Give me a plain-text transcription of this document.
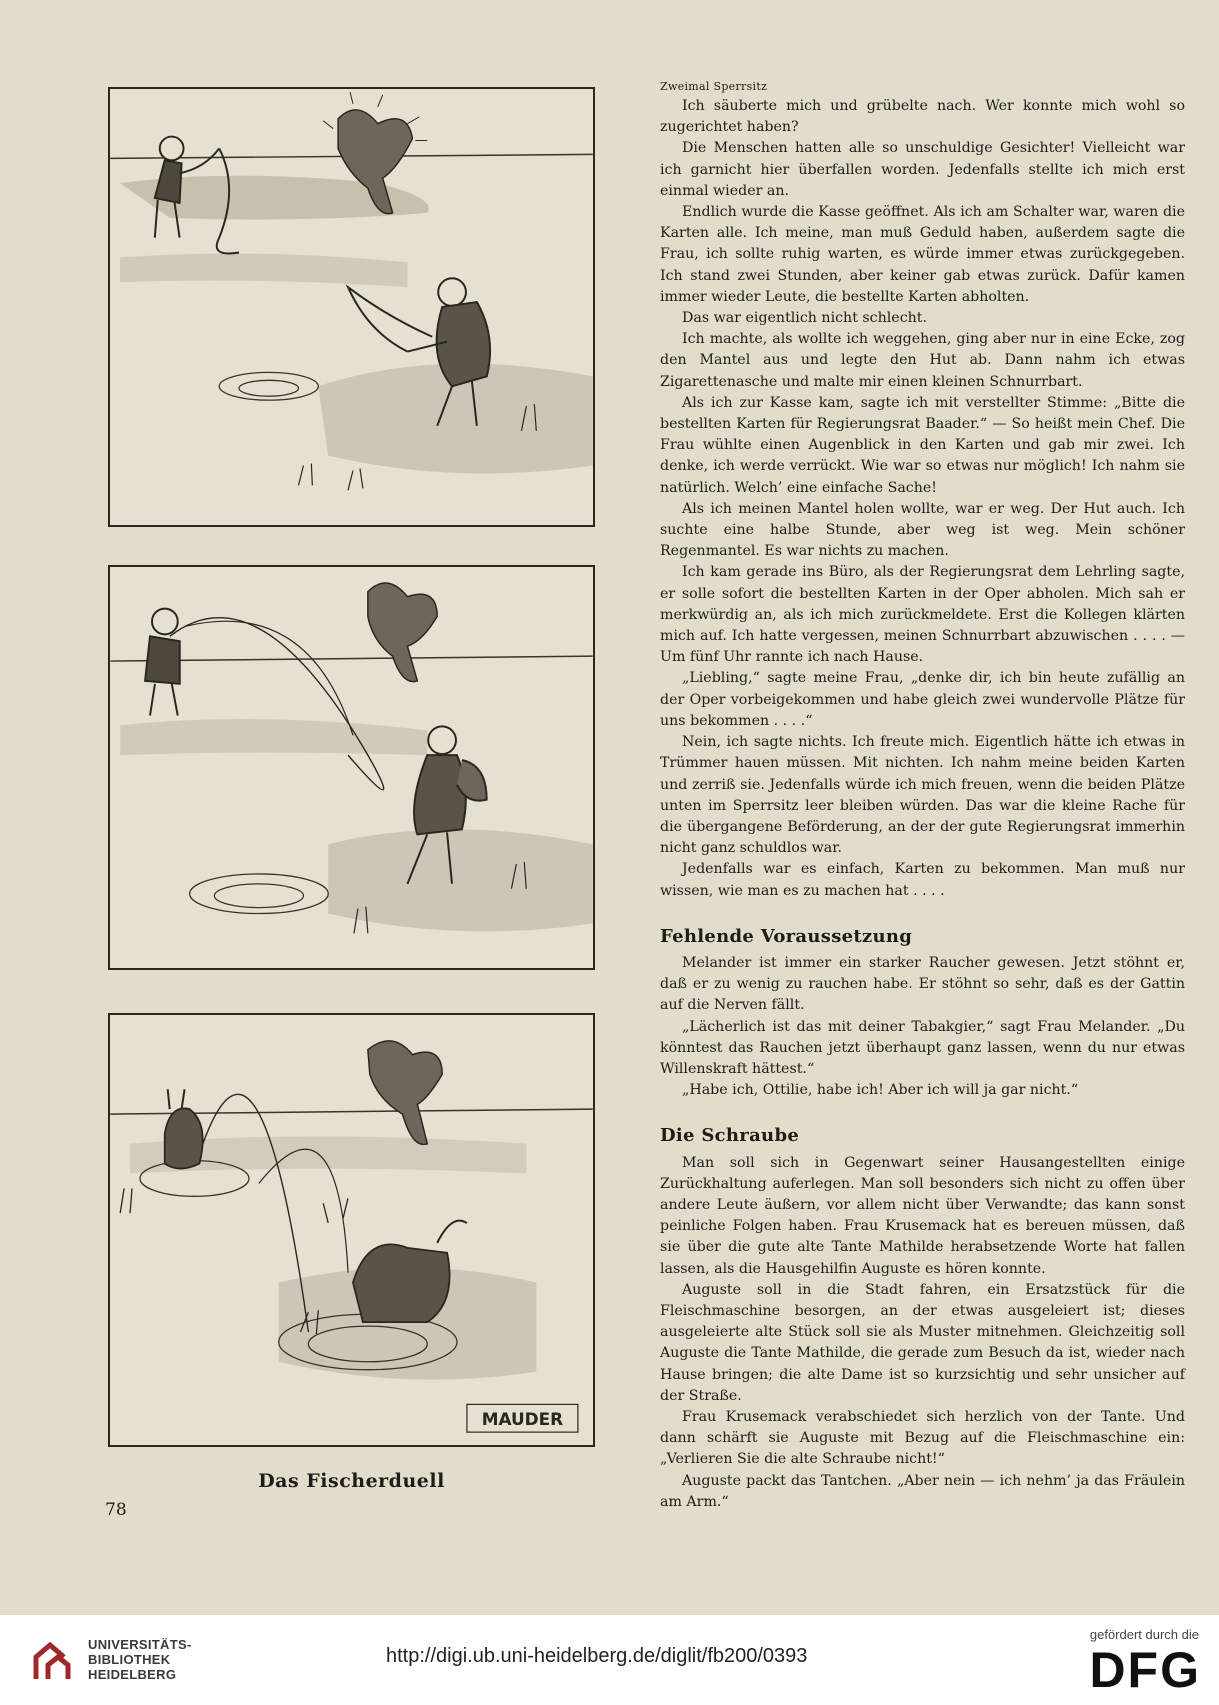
MAUDER
Das Fischerduell
78

Zweimal Sperrsitz

Ich säuberte mich und grübelte nach. Wer konnte mich wohl so zugerichtet haben?

Die Menschen hatten alle so unschuldige Gesichter! Vielleicht war ich garnicht hier überfallen worden. Jedenfalls stellte ich mich erst einmal wieder an.

Endlich wurde die Kasse geöffnet. Als ich am Schalter war, waren die Karten alle. Ich meine, man muß Geduld haben, außerdem sagte die Frau, ich sollte ruhig warten, es würde immer etwas zurückgegeben. Ich stand zwei Stunden, aber keiner gab etwas zurück. Dafür kamen immer wieder Leute, die bestellte Karten abholten.

Das war eigentlich nicht schlecht.

Ich machte, als wollte ich weggehen, ging aber nur in eine Ecke, zog den Mantel aus und legte den Hut ab. Dann nahm ich etwas Zigarettenasche und malte mir einen kleinen Schnurrbart.

Als ich zur Kasse kam, sagte ich mit verstellter Stimme: „Bitte die bestellten Karten für Regierungsrat Baader.“ — So heißt mein Chef. Die Frau wühlte einen Augenblick in den Karten und gab mir zwei. Ich denke, ich werde verrückt. Wie war so etwas nur möglich! Ich nahm sie natürlich. Welch’ eine einfache Sache!

Als ich meinen Mantel holen wollte, war er weg. Der Hut auch. Ich suchte eine halbe Stunde, aber weg ist weg. Mein schöner Regenmantel. Es war nichts zu machen.

Ich kam gerade ins Büro, als der Regierungsrat dem Lehrling sagte, er solle sofort die bestellten Karten in der Oper abholen. Mich sah er merkwürdig an, als ich mich zurückmeldete. Erst die Kollegen klärten mich auf. Ich hatte vergessen, meinen Schnurrbart abzuwischen . . . . — Um fünf Uhr rannte ich nach Hause.

„Liebling,“ sagte meine Frau, „denke dir, ich bin heute zufällig an der Oper vorbeigekommen und habe gleich zwei wundervolle Plätze für uns bekommen . . . .“

Nein, ich sagte nichts. Ich freute mich. Eigentlich hätte ich etwas in Trümmer hauen müssen. Mit nichten. Ich nahm meine beiden Karten und zerriß sie. Jedenfalls würde ich mich freuen, wenn die beiden Plätze unten im Sperrsitz leer bleiben würden. Das war die kleine Rache für die übergangene Beförderung, an der der gute Regierungsrat immerhin nicht ganz schuldlos war.

Jedenfalls war es einfach, Karten zu bekommen. Man muß nur wissen, wie man es zu machen hat . . . .

Fehlende Voraussetzung

Melander ist immer ein starker Raucher gewesen. Jetzt stöhnt er, daß er zu wenig zu rauchen habe. Er stöhnt so sehr, daß es der Gattin auf die Nerven fällt.

„Lächerlich ist das mit deiner Tabakgier,“ sagt Frau Melander. „Du könntest das Rauchen jetzt überhaupt ganz lassen, wenn du nur etwas Willenskraft hättest.“

„Habe ich, Ottilie, habe ich! Aber ich will ja gar nicht.“

Die Schraube

Man soll sich in Gegenwart seiner Hausangestellten einige Zurückhaltung auferlegen. Man soll besonders sich nicht zu offen über andere Leute äußern, vor allem nicht über Verwandte; das kann sonst peinliche Folgen haben. Frau Krusemack hat es bereuen müssen, daß sie über die gute alte Tante Mathilde herabsetzende Worte hat fallen lassen, als die Hausgehilfin Auguste es hören konnte.

Auguste soll in die Stadt fahren, ein Ersatzstück für die Fleischmaschine besorgen, an der etwas ausgeleiert ist; dieses ausgeleierte alte Stück soll sie als Muster mitnehmen. Gleichzeitig soll Auguste die Tante Mathilde, die gerade zum Besuch da ist, wieder nach Hause bringen; die alte Dame ist so kurzsichtig und sehr unsicher auf der Straße.

Frau Krusemack verabschiedet sich herzlich von der Tante. Und dann schärft sie Auguste mit Bezug auf die Fleischmaschine ein: „Verlieren Sie die alte Schraube nicht!“

Auguste packt das Tantchen. „Aber nein — ich nehm’ ja das Fräulein am Arm.“

UNIVERSITÄTS-
BIBLIOTHEK
HEIDELBERG
http://digi.ub.uni-heidelberg.de/diglit/fb200/0393
gefördert durch die
DFG
